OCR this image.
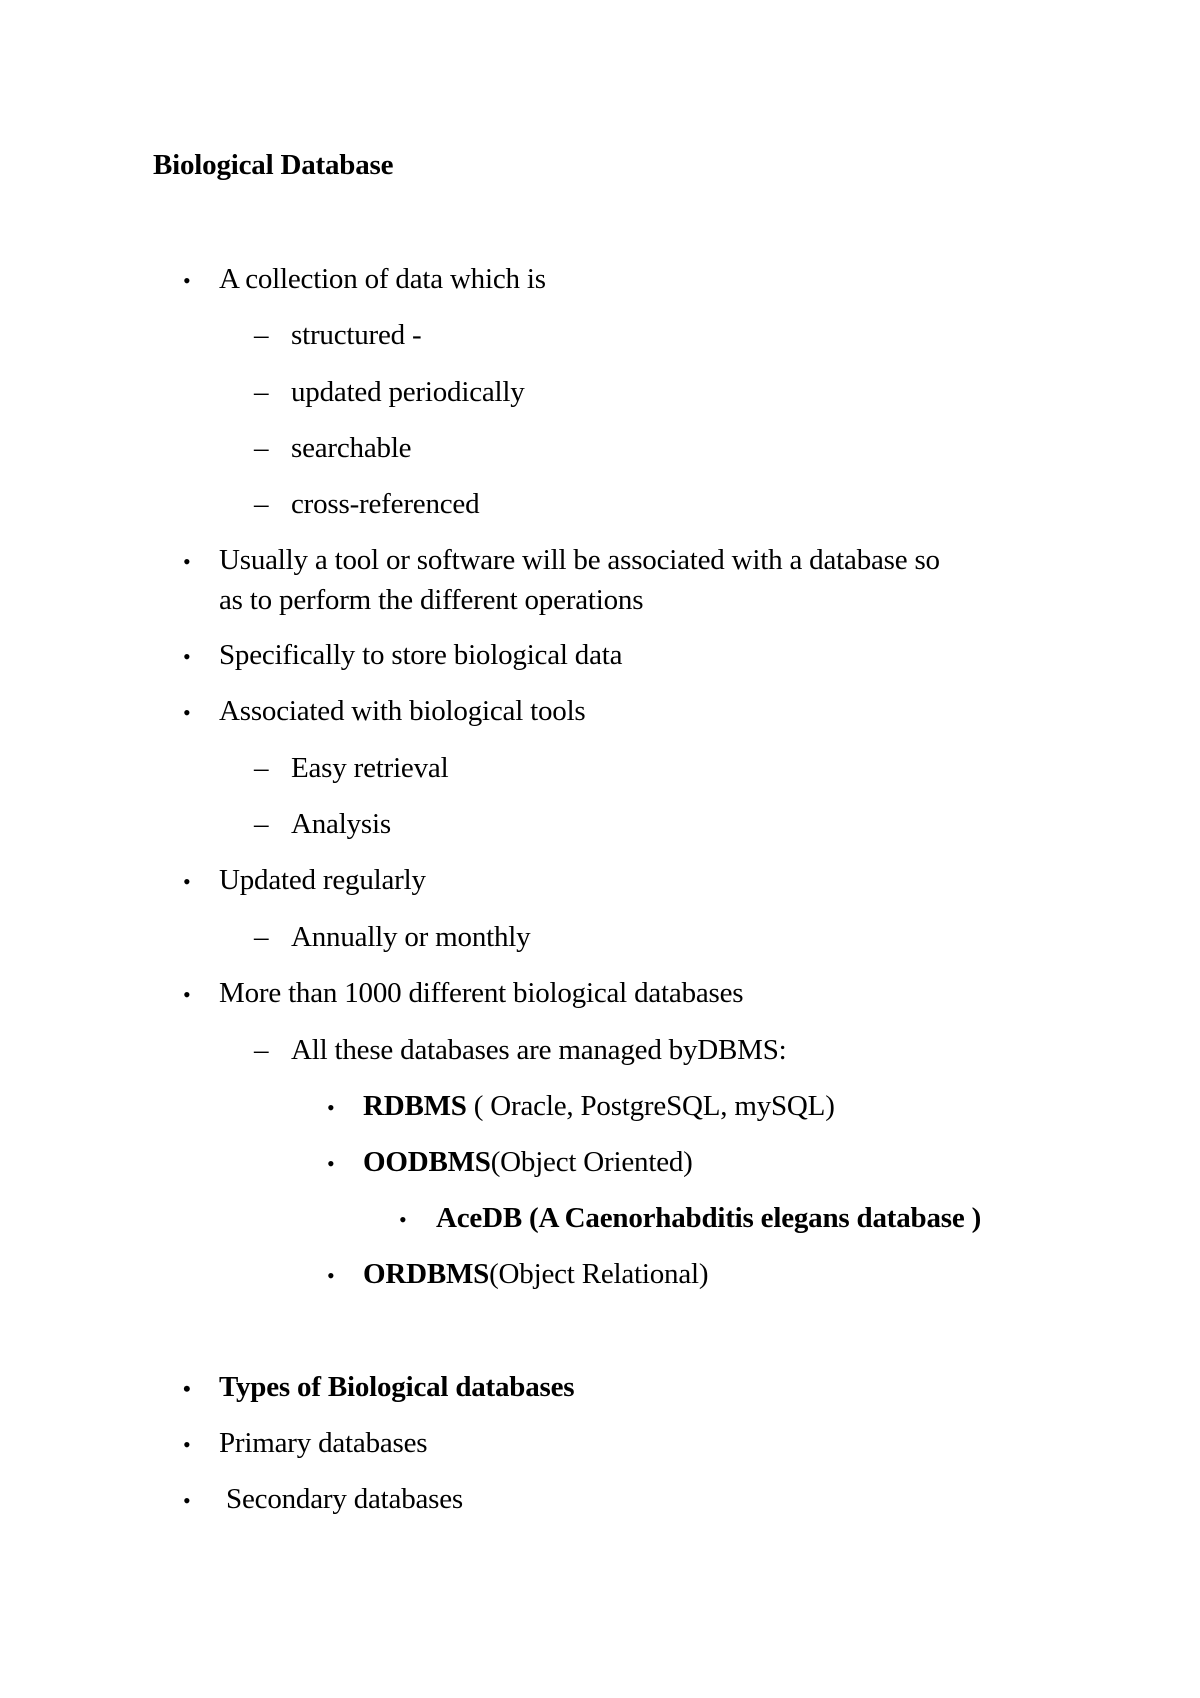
Biological Database
• A collection of data which is
– structured -
– updated periodically
– searchable
– cross-referenced
• Usually a tool or software will be associated with a database so
as to perform the different operations
• Specifically to store biological data
• Associated with biological tools
– Easy retrieval
– Analysis
• Updated regularly
– Annually or monthly
• More than 1000 different biological databases
– All these databases are managed byDBMS:
• RDBMS ( Oracle, PostgreSQL, mySQL)
• OODBMS(Object Oriented)
• AceDB (A Caenorhabditis elegans database )
• ORDBMS(Object Relational)
• Types of Biological databases
• Primary databases
• Secondary databases
